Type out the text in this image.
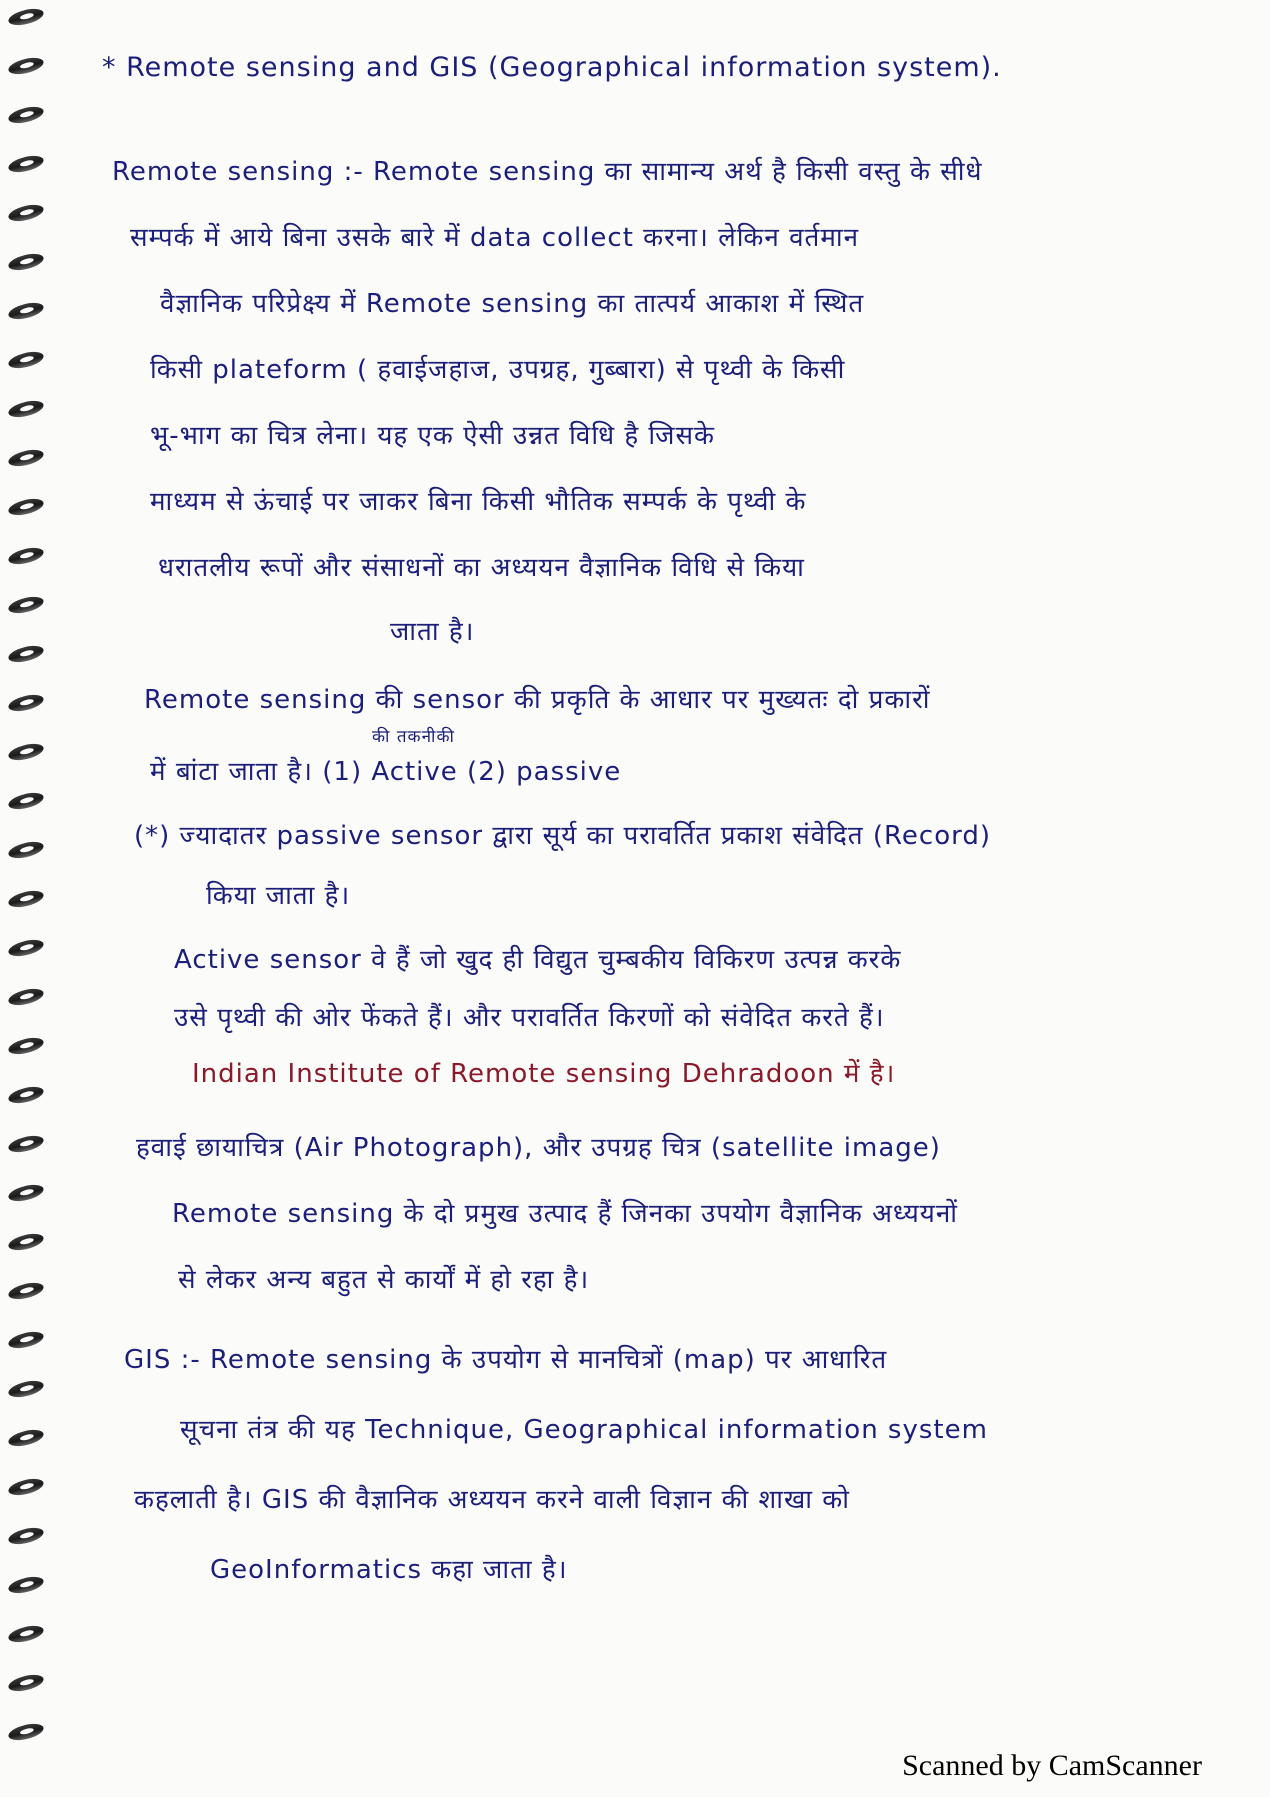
* Remote sensing and GIS (Geographical information system).
Remote sensing :- Remote sensing का सामान्य अर्थ है किसी वस्तु के सीधे
सम्पर्क में आये बिना उसके बारे में data collect करना। लेकिन वर्तमान
वैज्ञानिक परिप्रेक्ष्य में Remote sensing का तात्पर्य आकाश में स्थित
किसी plateform ( हवाईजहाज, उपग्रह, गुब्बारा) से पृथ्वी के किसी
भू-भाग का चित्र लेना। यह एक ऐसी उन्नत विधि है जिसके
माध्यम से ऊंचाई पर जाकर बिना किसी भौतिक सम्पर्क के पृथ्वी के
धरातलीय रूपों और संसाधनों का अध्ययन वैज्ञानिक विधि से किया
जाता है।
Remote sensing की sensor की प्रकृति के आधार पर मुख्यतः दो प्रकारों
की तकनीकी
में बांटा जाता है। (1) Active (2) passive
(*) ज्यादातर passive sensor द्वारा सूर्य का परावर्तित प्रकाश संवेदित (Record)
किया जाता है।
Active sensor वे हैं जो खुद ही विद्युत चुम्बकीय विकिरण उत्पन्न करके
उसे पृथ्वी की ओर फेंकते हैं। और परावर्तित किरणों को संवेदित करते हैं।
Indian Institute of Remote sensing Dehradoon में है।
हवाई छायाचित्र (Air Photograph), और उपग्रह चित्र (satellite image)
Remote sensing के दो प्रमुख उत्पाद हैं जिनका उपयोग वैज्ञानिक अध्ययनों
से लेकर अन्य बहुत से कार्यों में हो रहा है।
GIS :- Remote sensing के उपयोग से मानचित्रों (map) पर आधारित
सूचना तंत्र की यह Technique, Geographical information system
कहलाती है। GIS की वैज्ञानिक अध्ययन करने वाली विज्ञान की शाखा को
GeoInformatics कहा जाता है।
Scanned by CamScanner
